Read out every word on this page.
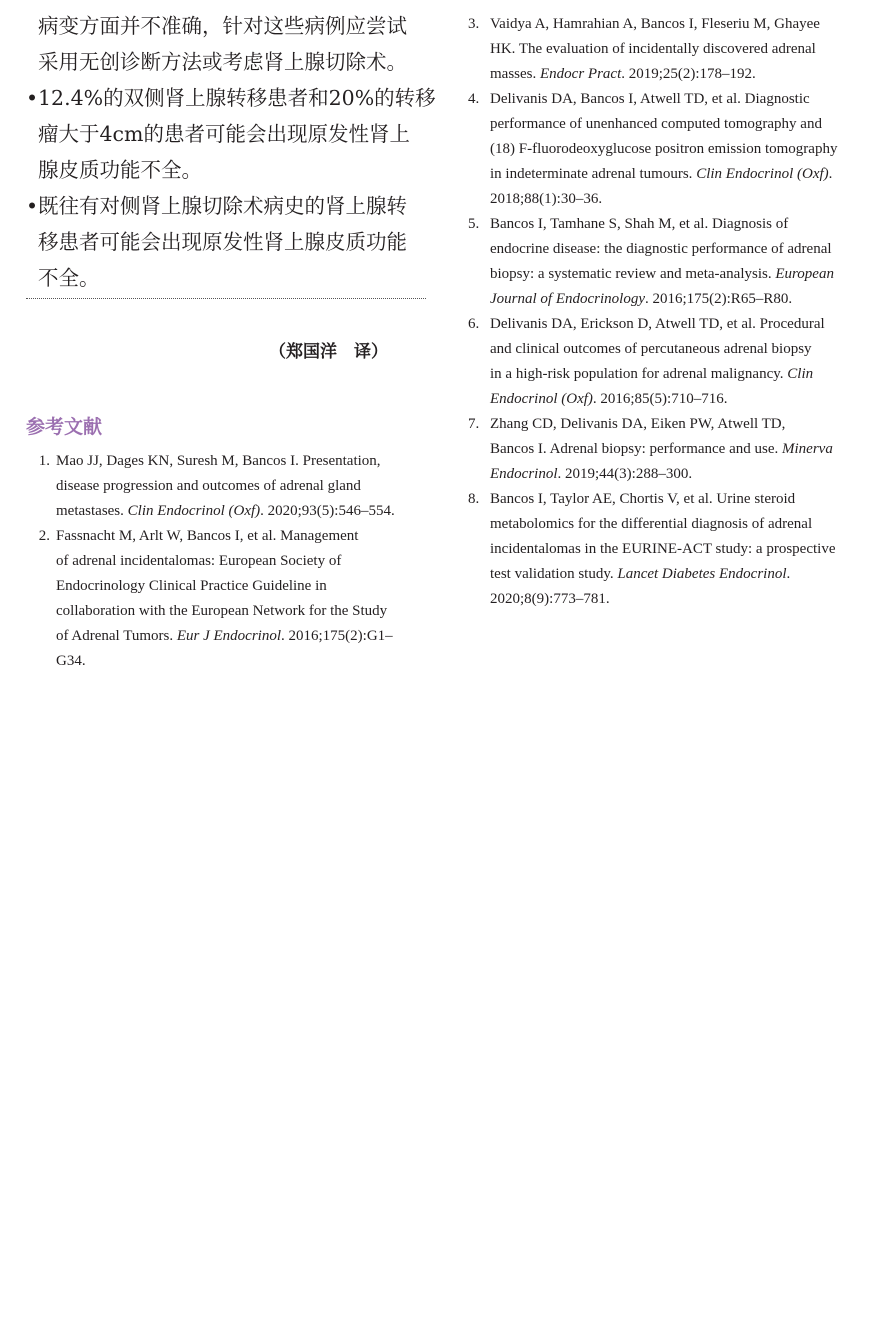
病变方面并不准确，针对这些病例应尝试
采用无创诊断方法或考虑肾上腺切除术。
• 12.4%的双侧肾上腺转移患者和20%的转移
瘤大于4cm的患者可能会出现原发性肾上
腺皮质功能不全。
• 既往有对侧肾上腺切除术病史的肾上腺转
移患者可能会出现原发性肾上腺皮质功能
不全。
（郑国洋　译）
参考文献
1. Mao JJ, Dages KN, Suresh M, Bancos I. Presentation,
disease progression and outcomes of adrenal gland
metastases. Clin Endocrinol (Oxf). 2020;93(5):546–554.
2. Fassnacht M, Arlt W, Bancos I, et al. Management
of adrenal incidentalomas: European Society of
Endocrinology Clinical Practice Guideline in
collaboration with the European Network for the Study
of Adrenal Tumors. Eur J Endocrinol. 2016;175(2):G1–
G34.
3. Vaidya A, Hamrahian A, Bancos I, Fleseriu M, Ghayee
HK. The evaluation of incidentally discovered adrenal
masses. Endocr Pract. 2019;25(2):178–192.
4. Delivanis DA, Bancos I, Atwell TD, et al. Diagnostic
performance of unenhanced computed tomography and
(18) F-fluorodeoxyglucose positron emission tomography
in indeterminate adrenal tumours. Clin Endocrinol (Oxf).
2018;88(1):30–36.
5. Bancos I, Tamhane S, Shah M, et al. Diagnosis of
endocrine disease: the diagnostic performance of adrenal
biopsy: a systematic review and meta-analysis. European
Journal of Endocrinology. 2016;175(2):R65–R80.
6. Delivanis DA, Erickson D, Atwell TD, et al. Procedural
and clinical outcomes of percutaneous adrenal biopsy
in a high-risk population for adrenal malignancy. Clin
Endocrinol (Oxf). 2016;85(5):710–716.
7. Zhang CD, Delivanis DA, Eiken PW, Atwell TD,
Bancos I. Adrenal biopsy: performance and use. Minerva
Endocrinol. 2019;44(3):288–300.
8. Bancos I, Taylor AE, Chortis V, et al. Urine steroid
metabolomics for the differential diagnosis of adrenal
incidentalomas in the EURINE-ACT study: a prospective
test validation study. Lancet Diabetes Endocrinol.
2020;8(9):773–781.
